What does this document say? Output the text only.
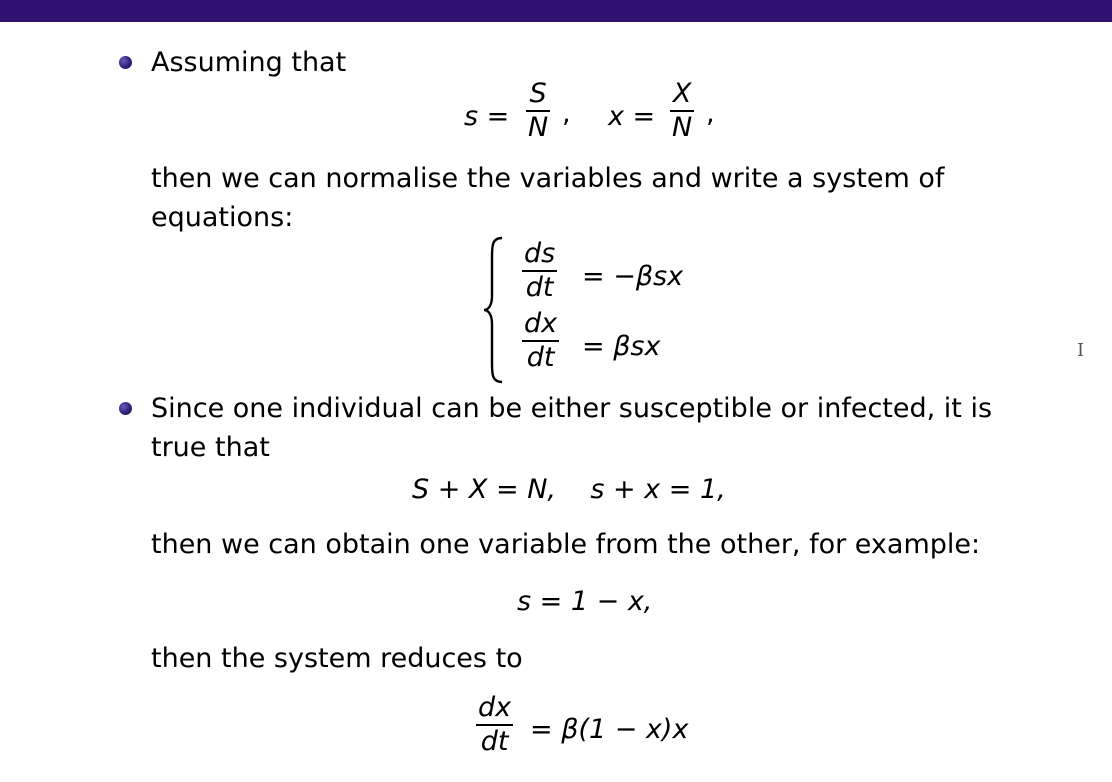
Assuming that
$s = \frac{S}{N}$ , $x = \frac{X}{N}$ ,
then we can normalise the variables and write a system of
equations:
$\frac{ds}{dt} = -\beta sx$
$\frac{dx}{dt} = \beta sx$	I
Since one individual can be either susceptible or infected, it is
true that
S + X = N,    s + x = 1,
then we can obtain one variable from the other, for example:
s = 1 − x,
then the system reduces to
$\frac{dx}{dt} = \beta(1 - x)x$
